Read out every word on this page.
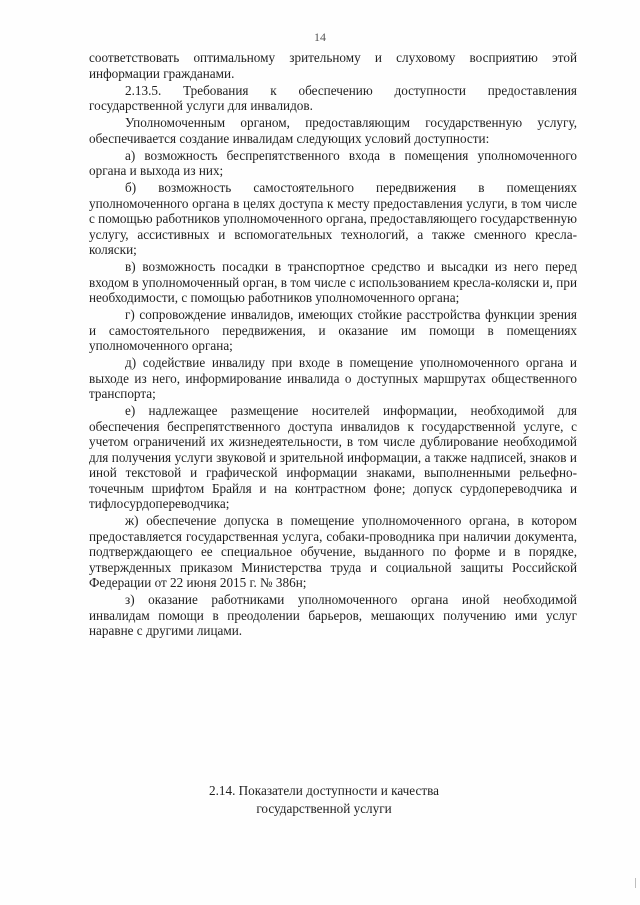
14

соответствовать оптимальному зрительному и слуховому восприятию этой информации гражданами.

2.13.5. Требования к обеспечению доступности предоставления государственной услуги для инвалидов.

Уполномоченным органом, предоставляющим государственную услугу, обеспечивается создание инвалидам следующих условий доступности:

а) возможность беспрепятственного входа в помещения уполномоченного органа и выхода из них;

б) возможность самостоятельного передвижения в помещениях уполномоченного органа в целях доступа к месту предоставления услуги, в том числе с помощью работников уполномоченного органа, предоставляющего государственную услугу, ассистивных и вспомогательных технологий, а также сменного кресла-коляски;

в) возможность посадки в транспортное средство и высадки из него перед входом в уполномоченный орган, в том числе с использованием кресла-коляски и, при необходимости, с помощью работников уполномоченного органа;

г) сопровождение инвалидов, имеющих стойкие расстройства функции зрения и самостоятельного передвижения, и оказание им помощи в помещениях уполномоченного органа;

д) содействие инвалиду при входе в помещение уполномоченного органа и выходе из него, информирование инвалида о доступных маршрутах общественного транспорта;

е) надлежащее размещение носителей информации, необходимой для обеспечения беспрепятственного доступа инвалидов к государственной услуге, с учетом ограничений их жизнедеятельности, в том числе дублирование необходимой для получения услуги звуковой и зрительной информации, а также надписей, знаков и иной текстовой и графической информации знаками, выполненными рельефно-точечным шрифтом Брайля и на контрастном фоне; допуск сурдопереводчика и тифлосурдопереводчика;

ж) обеспечение допуска в помещение уполномоченного органа, в котором предоставляется государственная услуга, собаки-проводника при наличии документа, подтверждающего ее специальное обучение, выданного по форме и в порядке, утвержденных приказом Министерства труда и социальной защиты Российской Федерации от 22 июня 2015 г. № 386н;

з) оказание работниками уполномоченного органа иной необходимой инвалидам помощи в преодолении барьеров, мешающих получению ими услуг наравне с другими лицами.

2.14. Показатели доступности и качества
государственной услуги
